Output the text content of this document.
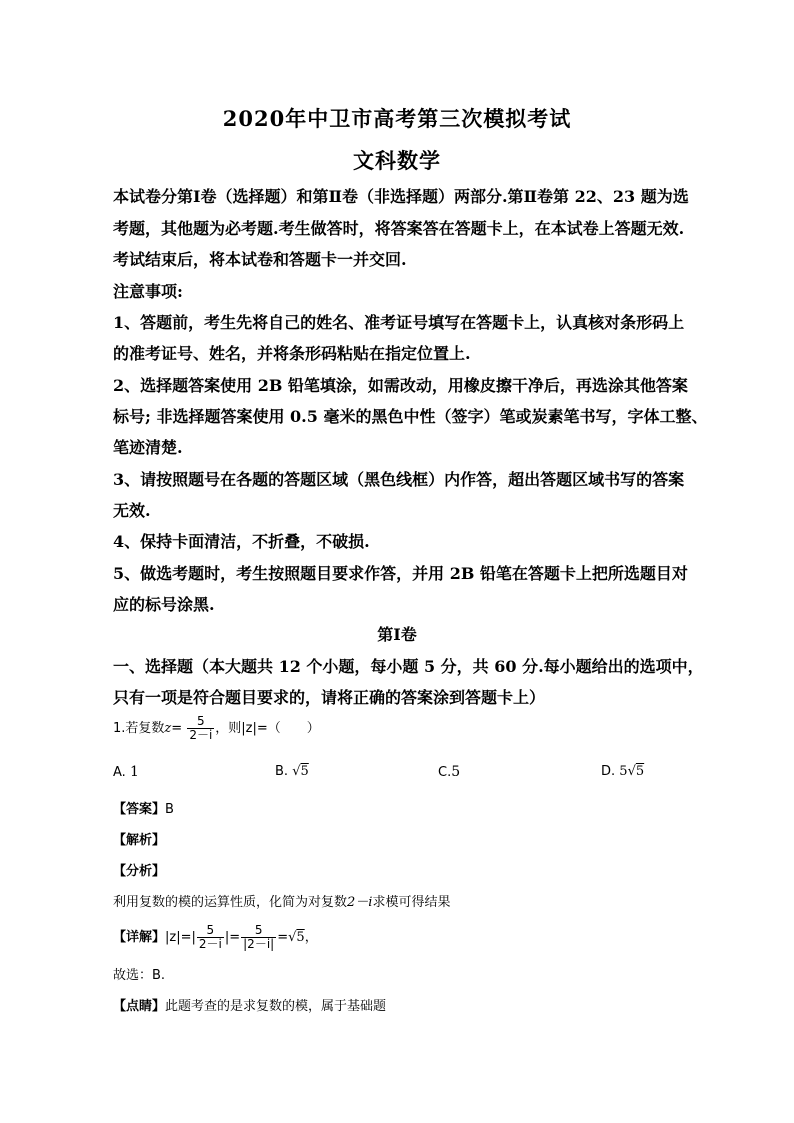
2020年中卫市高考第三次模拟考试
文科数学
本试卷分第Ⅰ卷（选择题）和第Ⅱ卷（非选择题）两部分.第Ⅱ卷第 22、23 题为选
考题，其他题为必考题.考生做答时，将答案答在答题卡上，在本试卷上答题无效.
考试结束后，将本试卷和答题卡一并交回.
注意事项:
1、答题前，考生先将自己的姓名、准考证号填写在答题卡上，认真核对条形码上
的准考证号、姓名，并将条形码粘贴在指定位置上.
2、选择题答案使用 2B 铅笔填涂，如需改动，用橡皮擦干净后，再选涂其他答案
标号; 非选择题答案使用 0.5 毫米的黑色中性（签字）笔或炭素笔书写，字体工整、
笔迹清楚.
3、请按照题号在各题的答题区域（黑色线框）内作答，超出答题区域书写的答案
无效.
4、保持卡面清洁，不折叠，不破损.
5、做选考题时，考生按照题目要求作答，并用 2B 铅笔在答题卡上把所选题目对
应的标号涂黑.
第Ⅰ卷
一、选择题（本大题共 12 个小题，每小题 5 分，共 60 分.每小题给出的选项中，
只有一项是符合题目要求的，请将正确的答案涂到答题卡上）
1.若复数$z= \frac{5}{2-i}$ ，则|z|=（　　）
A. 1	B. √5	C.5	D. 5√5
【答案】B
【解析】
【分析】
利用复数的模的运算性质，化简为对复数2－i求模可得结果
【详解】$|z|=| \frac{5}{2-i}$ |= $\frac{5}{|2-i|} =√5$，
故选：B.
【点睛】此题考查的是求复数的模，属于基础题
